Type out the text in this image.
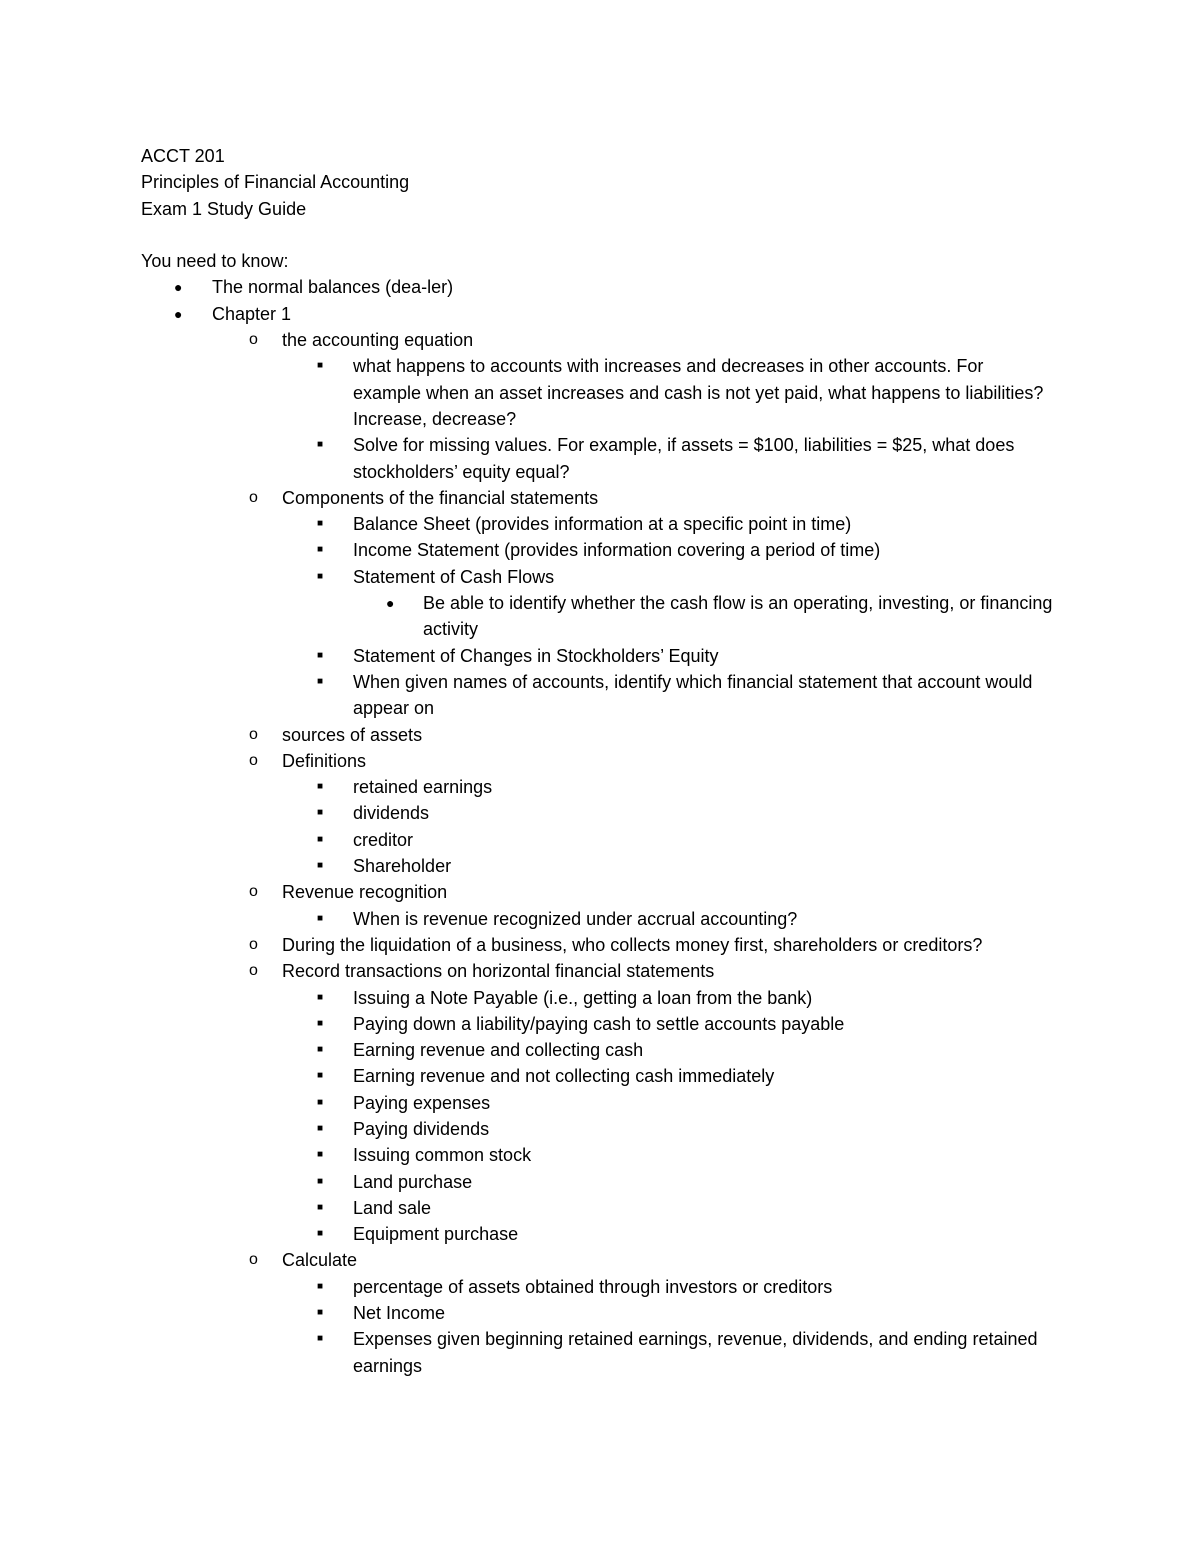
ACCT 201
Principles of Financial Accounting
Exam 1 Study Guide
You need to know:
● The normal balances (dea-ler)
● Chapter 1
o the accounting equation
■ what happens to accounts with increases and decreases in other accounts. For example when an asset increases and cash is not yet paid, what happens to liabilities? Increase, decrease?
■ Solve for missing values. For example, if assets = $100, liabilities = $25, what does stockholders’ equity equal?
o Components of the financial statements
■ Balance Sheet (provides information at a specific point in time)
■ Income Statement (provides information covering a period of time)
■ Statement of Cash Flows
● Be able to identify whether the cash flow is an operating, investing, or financing activity
■ Statement of Changes in Stockholders’ Equity
■ When given names of accounts, identify which financial statement that account would appear on
o sources of assets
o Definitions
■ retained earnings
■ dividends
■ creditor
■ Shareholder
o Revenue recognition
■ When is revenue recognized under accrual accounting?
o During the liquidation of a business, who collects money first, shareholders or creditors?
o Record transactions on horizontal financial statements
■ Issuing a Note Payable (i.e., getting a loan from the bank)
■ Paying down a liability/paying cash to settle accounts payable
■ Earning revenue and collecting cash
■ Earning revenue and not collecting cash immediately
■ Paying expenses
■ Paying dividends
■ Issuing common stock
■ Land purchase
■ Land sale
■ Equipment purchase
o Calculate
■ percentage of assets obtained through investors or creditors
■ Net Income
■ Expenses given beginning retained earnings, revenue, dividends, and ending retained earnings
